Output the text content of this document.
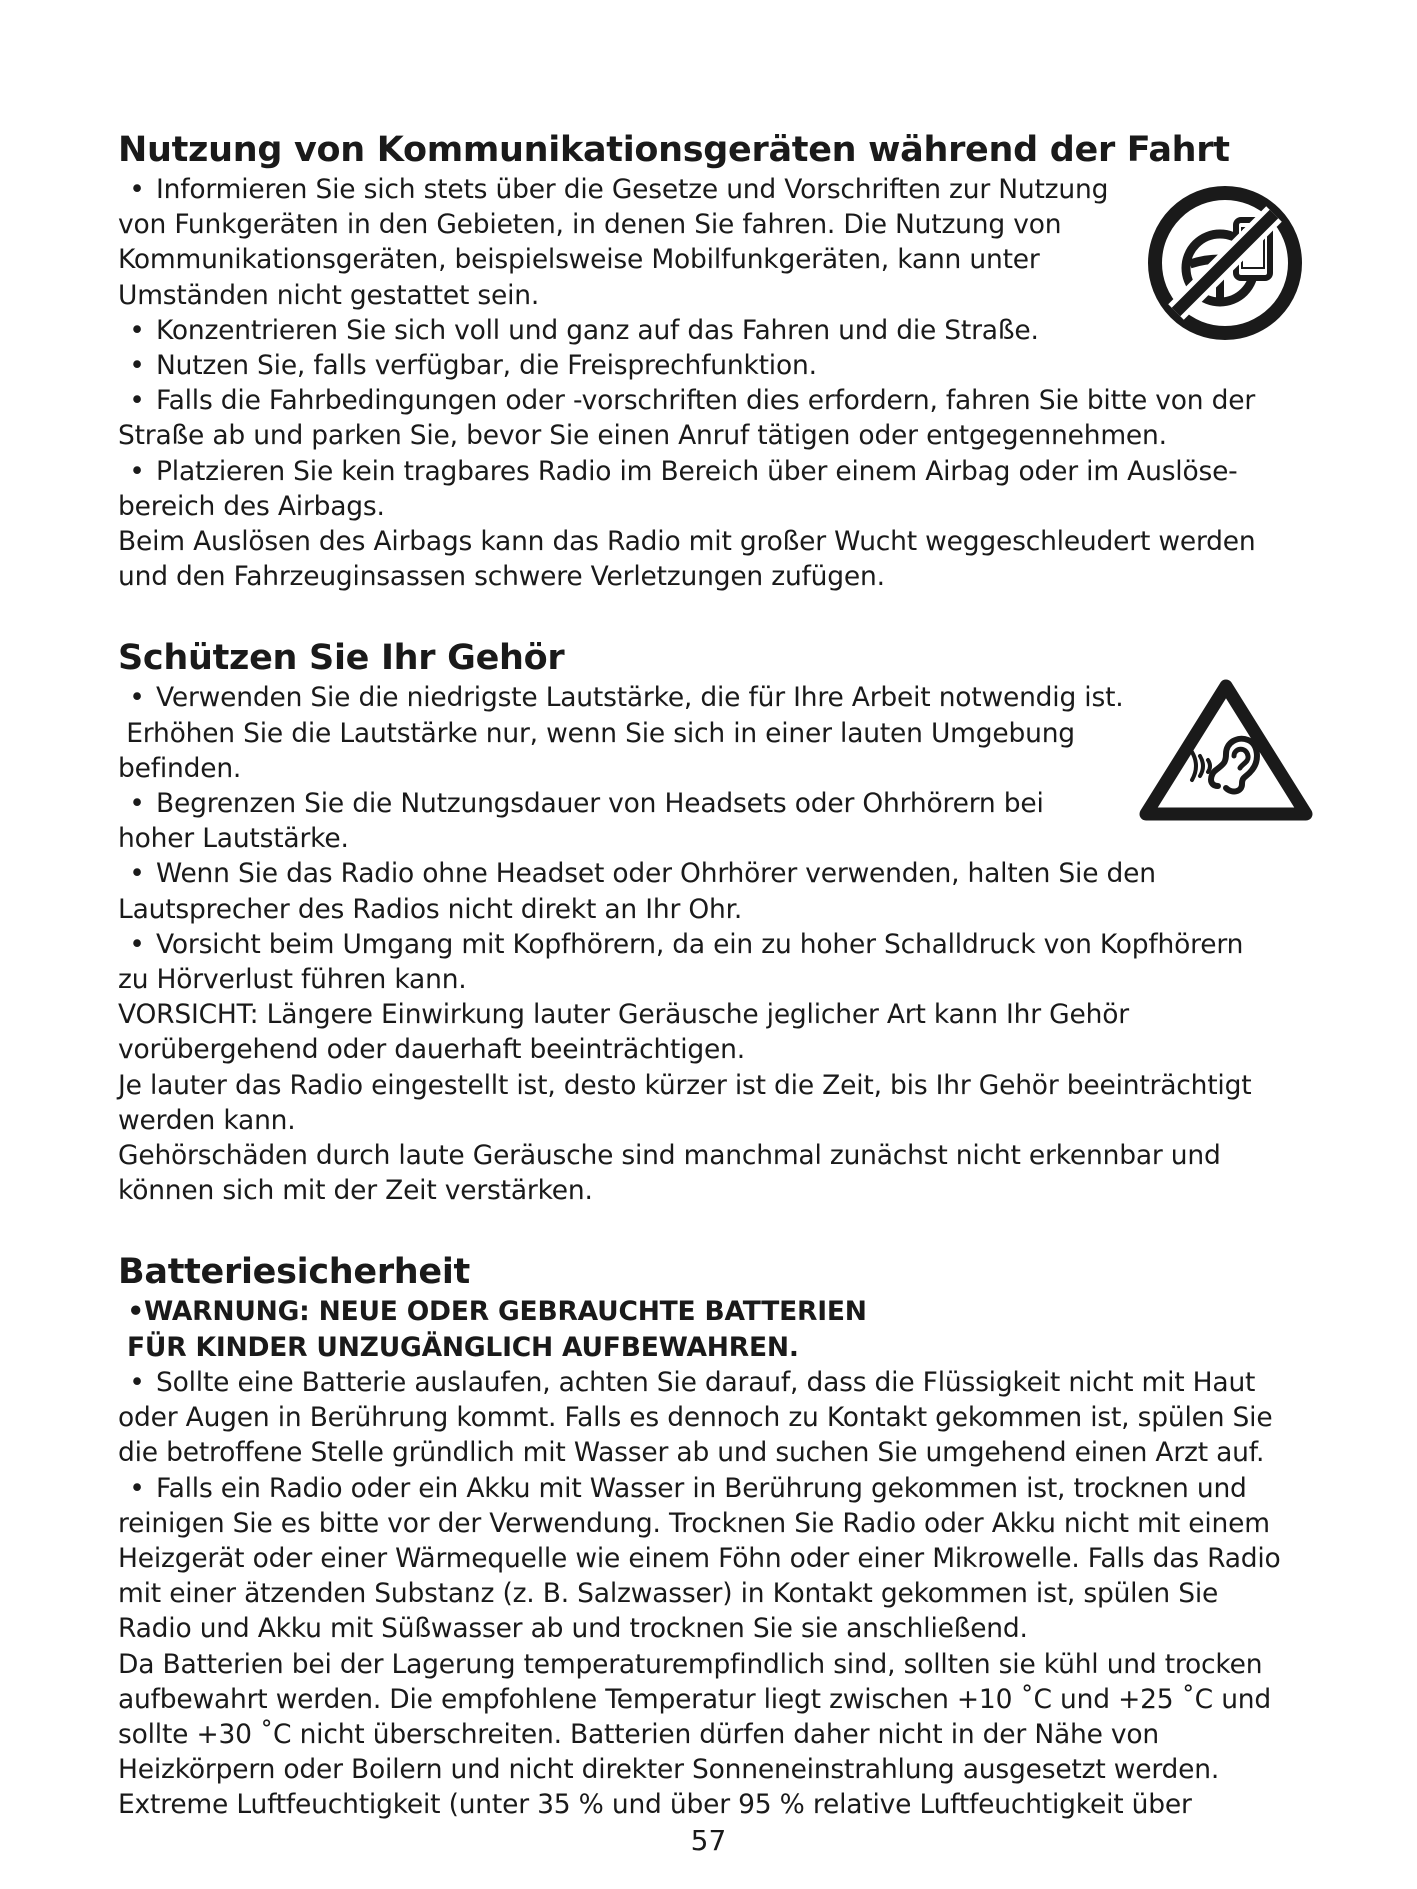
Nutzung von Kommunikationsgeräten während der Fahrt
• Informieren Sie sich stets über die Gesetze und Vorschriften zur Nutzung
von Funkgeräten in den Gebieten, in denen Sie fahren. Die Nutzung von
Kommunikationsgeräten, beispielsweise Mobilfunkgeräten, kann unter
Umständen nicht gestattet sein.
• Konzentrieren Sie sich voll und ganz auf das Fahren und die Straße.
• Nutzen Sie, falls verfügbar, die Freisprechfunktion.
• Falls die Fahrbedingungen oder -vorschriften dies erfordern, fahren Sie bitte von der
Straße ab und parken Sie, bevor Sie einen Anruf tätigen oder entgegennehmen.
• Platzieren Sie kein tragbares Radio im Bereich über einem Airbag oder im Auslöse-
bereich des Airbags.
Beim Auslösen des Airbags kann das Radio mit großer Wucht weggeschleudert werden
und den Fahrzeuginsassen schwere Verletzungen zufügen.
Schützen Sie Ihr Gehör
• Verwenden Sie die niedrigste Lautstärke, die für Ihre Arbeit notwendig ist.
Erhöhen Sie die Lautstärke nur, wenn Sie sich in einer lauten Umgebung
befinden.
• Begrenzen Sie die Nutzungsdauer von Headsets oder Ohrhörern bei
hoher Lautstärke.
• Wenn Sie das Radio ohne Headset oder Ohrhörer verwenden, halten Sie den
Lautsprecher des Radios nicht direkt an Ihr Ohr.
• Vorsicht beim Umgang mit Kopfhörern, da ein zu hoher Schalldruck von Kopfhörern
zu Hörverlust führen kann.
VORSICHT: Längere Einwirkung lauter Geräusche jeglicher Art kann Ihr Gehör
vorübergehend oder dauerhaft beeinträchtigen.
Je lauter das Radio eingestellt ist, desto kürzer ist die Zeit, bis Ihr Gehör beeinträchtigt
werden kann.
Gehörschäden durch laute Geräusche sind manchmal zunächst nicht erkennbar und
können sich mit der Zeit verstärken.
Batteriesicherheit
•WARNUNG: NEUE ODER GEBRAUCHTE BATTERIEN
FÜR KINDER UNZUGÄNGLICH AUFBEWAHREN.
• Sollte eine Batterie auslaufen, achten Sie darauf, dass die Flüssigkeit nicht mit Haut
oder Augen in Berührung kommt. Falls es dennoch zu Kontakt gekommen ist, spülen Sie
die betroffene Stelle gründlich mit Wasser ab und suchen Sie umgehend einen Arzt auf.
• Falls ein Radio oder ein Akku mit Wasser in Berührung gekommen ist, trocknen und
reinigen Sie es bitte vor der Verwendung. Trocknen Sie Radio oder Akku nicht mit einem
Heizgerät oder einer Wärmequelle wie einem Föhn oder einer Mikrowelle. Falls das Radio
mit einer ätzenden Substanz (z. B. Salzwasser) in Kontakt gekommen ist, spülen Sie
Radio und Akku mit Süßwasser ab und trocknen Sie sie anschließend.
Da Batterien bei der Lagerung temperaturempfindlich sind, sollten sie kühl und trocken
aufbewahrt werden. Die empfohlene Temperatur liegt zwischen +10 ˚C und +25 ˚C und
sollte +30 ˚C nicht überschreiten. Batterien dürfen daher nicht in der Nähe von
Heizkörpern oder Boilern und nicht direkter Sonneneinstrahlung ausgesetzt werden.
Extreme Luftfeuchtigkeit (unter 35 % und über 95 % relative Luftfeuchtigkeit über
57
